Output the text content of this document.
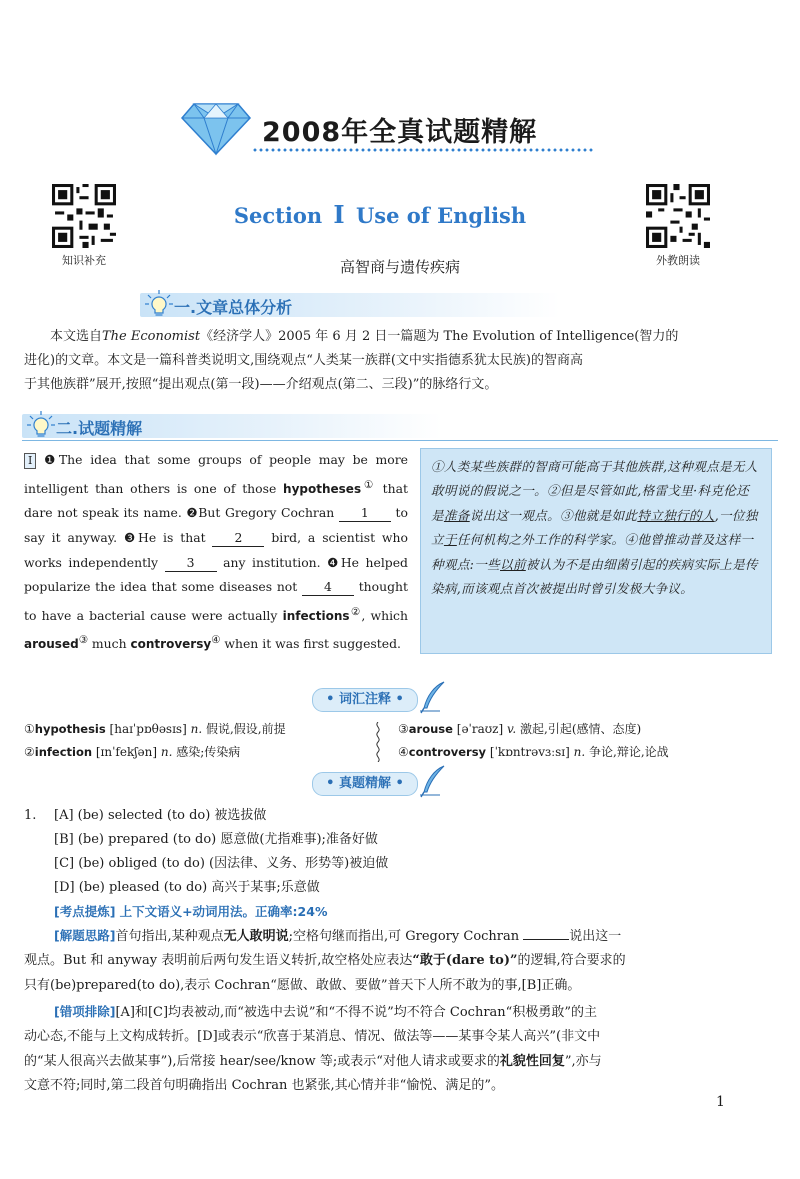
2008年全真试题精解
知识补充	外教朗读
Section Ⅰ Use of English
高智商与遗传疾病
一.文章总体分析
本文选自The Economist《经济学人》2005 年 6 月 2 日一篇题为 The Evolution of Intelligence(智力的
进化)的文章。本文是一篇科普类说明文,围绕观点“人类某一族群(文中实指德系犹太民族)的智商高
于其他族群”展开,按照“提出观点(第一段)——介绍观点(第二、三段)”的脉络行文。
二.试题精解
Ⅰ ❶The idea that some groups of people may be more intelligent than others is one of those hypotheses① that dare not speak its name. ❷But Gregory Cochran 1 to say it anyway. ❸He is that 2 bird, a scientist who works independently 3 any institution. ❹He helped popularize the idea that some diseases not 4 thought to have a bacterial cause were actually infections②, which aroused③ much controversy④ when it was first suggested.
①人类某些族群的智商可能高于其他族群,这种观点是无人敢明说的假说之一。②但是尽管如此,格雷戈里·科克伦还是准备说出这一观点。③他就是如此特立独行的人,一位独立于任何机构之外工作的科学家。④他曾推动普及这样一种观点:一些以前被认为不是由细菌引起的疾病实际上是传染病,而该观点首次被提出时曾引发极大争议。
• 词汇注释 •
①hypothesis [haɪˈpɒθəsɪs] n. 假说,假设,前提
②infection [ɪnˈfekʃən] n. 感染;传染病
③arouse [əˈraʊz] v. 激起,引起(感情、态度)
④controversy [ˈkɒntrəvɜːsɪ] n. 争论,辩论,论战
• 真题精解 •
1. [A] (be) selected (to do) 被选拔做
[B] (be) prepared (to do) 愿意做(尤指难事);准备好做
[C] (be) obliged (to do) (因法律、义务、形势等)被迫做
[D] (be) pleased (to do) 高兴于某事;乐意做
[考点提炼] 上下文语义+动词用法。正确率:24%
[解题思路]首句指出,某种观点无人敢明说;空格句继而指出,可 Gregory Cochran	说出这一
观点。But 和 anyway 表明前后两句发生语义转折,故空格处应表达“敢于(dare to)”的逻辑,符合要求的
只有(be)prepared(to do),表示 Cochran“愿做、敢做、要做”普天下人所不敢为的事,[B]正确。
[错项排除][A]和[C]均表被动,而“被选中去说”和“不得不说”均不符合 Cochran“积极勇敢”的主
动心态,不能与上文构成转折。[D]或表示“欣喜于某消息、情况、做法等——某事令某人高兴”(非文中
的“某人很高兴去做某事”),后常接 hear/see/know 等;或表示“对他人请求或要求的礼貌性回复”,亦与
文意不符;同时,第二段首句明确指出 Cochran 也紧张,其心情并非“愉悦、满足的”。
1
